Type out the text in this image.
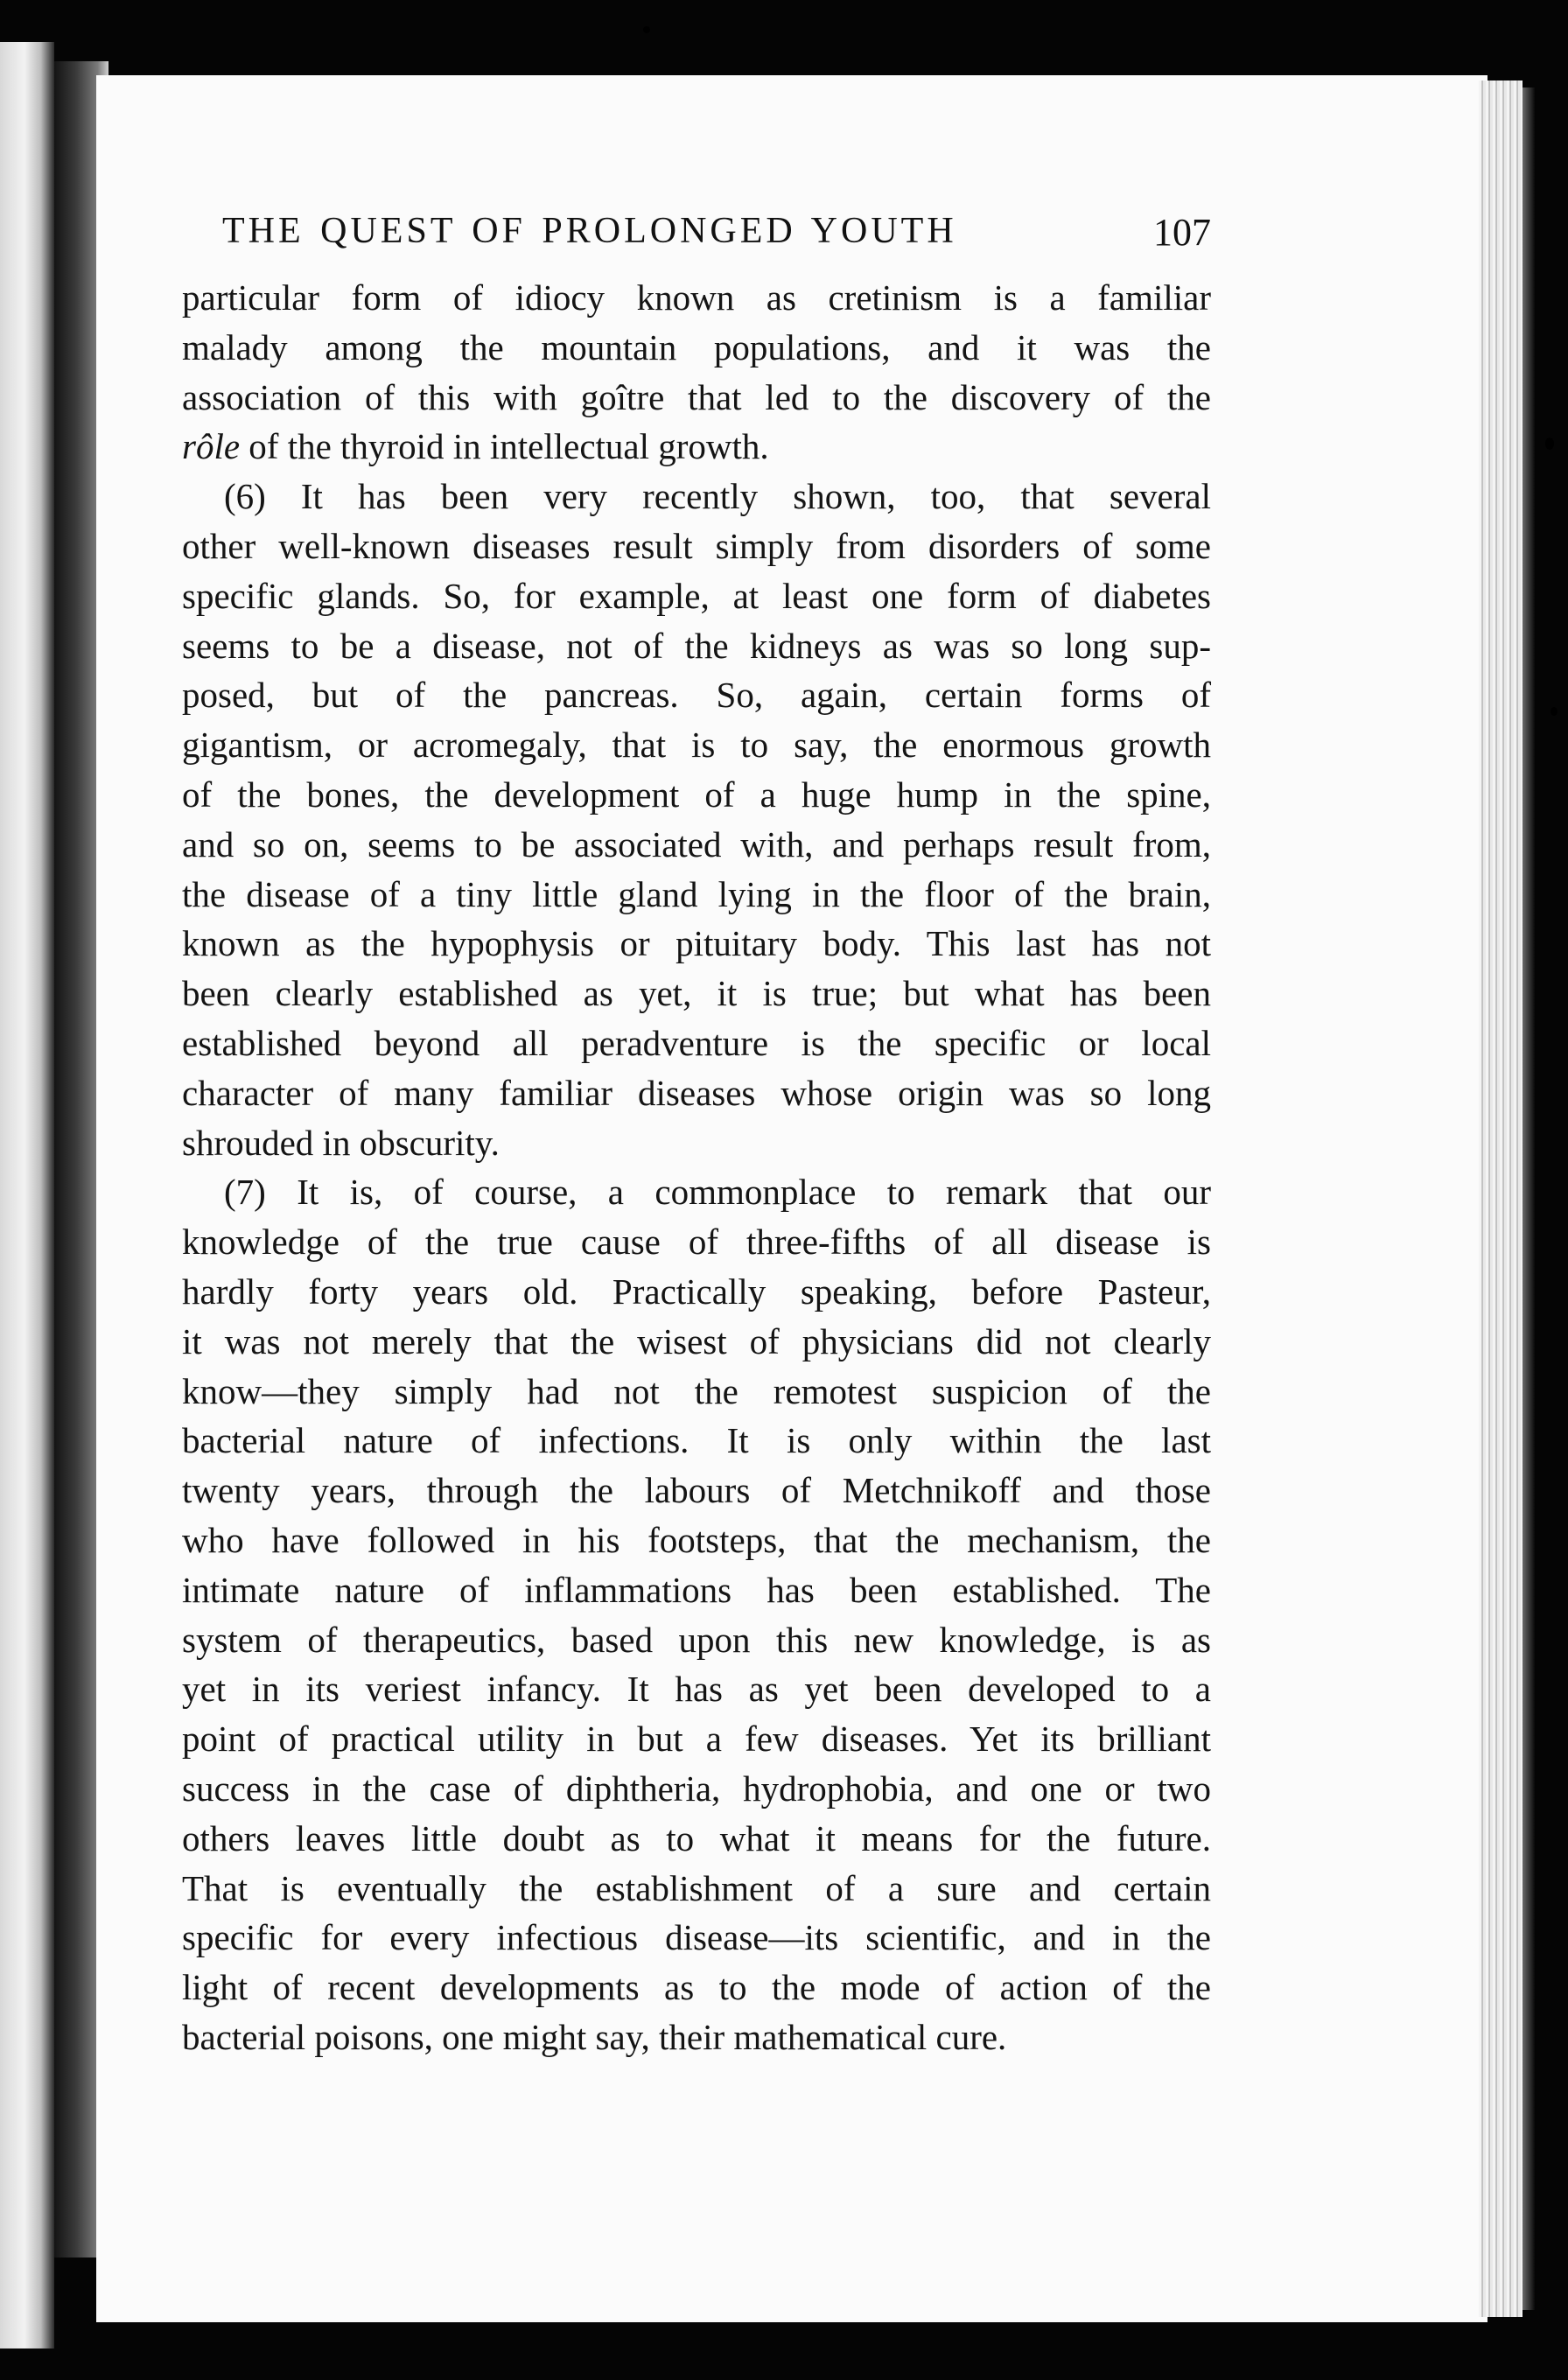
THE QUEST OF PROLONGED YOUTH	107
particular form of idiocy known as cretinism is a familiar
malady among the mountain populations, and it was the
association of this with goître that led to the discovery of the
rôle of the thyroid in intellectual growth.
(6) It has been very recently shown, too, that several
other well-known diseases result simply from disorders of some
specific glands. So, for example, at least one form of diabetes
seems to be a disease, not of the kidneys as was so long sup-
posed, but of the pancreas. So, again, certain forms of
gigantism, or acromegaly, that is to say, the enormous growth
of the bones, the development of a huge hump in the spine,
and so on, seems to be associated with, and perhaps result from,
the disease of a tiny little gland lying in the floor of the brain,
known as the hypophysis or pituitary body. This last has not
been clearly established as yet, it is true; but what has been
established beyond all peradventure is the specific or local
character of many familiar diseases whose origin was so long
shrouded in obscurity.
(7) It is, of course, a commonplace to remark that our
knowledge of the true cause of three-fifths of all disease is
hardly forty years old. Practically speaking, before Pasteur,
it was not merely that the wisest of physicians did not clearly
know—they simply had not the remotest suspicion of the
bacterial nature of infections. It is only within the last
twenty years, through the labours of Metchnikoff and those
who have followed in his footsteps, that the mechanism, the
intimate nature of inflammations has been established. The
system of therapeutics, based upon this new knowledge, is as
yet in its veriest infancy. It has as yet been developed to a
point of practical utility in but a few diseases. Yet its brilliant
success in the case of diphtheria, hydrophobia, and one or two
others leaves little doubt as to what it means for the future.
That is eventually the establishment of a sure and certain
specific for every infectious disease—its scientific, and in the
light of recent developments as to the mode of action of the
bacterial poisons, one might say, their mathematical cure.
